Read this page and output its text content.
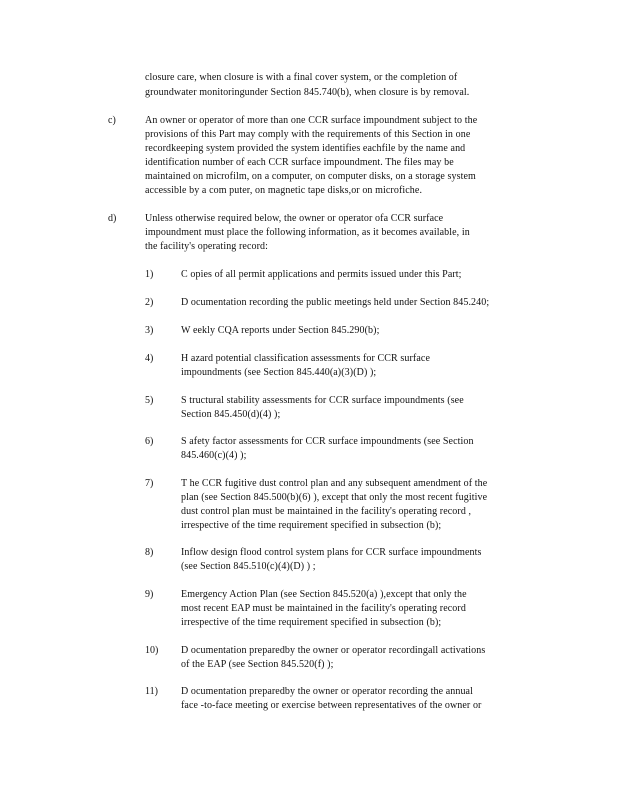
closure care, when closure is with a final cover system, or the completion of
groundwater monitoringunder Section 845.740(b), when closure is by removal.
c)	An owner or operator of more than one CCR surface impoundment subject to the
provisions of this Part may comply with the requirements of this Section in one
recordkeeping system provided the system identifies eachfile by the name and
identification number of each CCR surface impoundment. The files may be
maintained on microfilm, on a computer, on computer disks, on a storage system
accessible by a com puter, on magnetic tape disks,or on microfiche.
d)	Unless otherwise required below, the owner or operator ofa CCR surface
impoundment must place the following information, as it becomes available, in
the facility's operating record:
1)	C opies of all permit applications and permits issued under this Part;
2)	D ocumentation recording the public meetings held under Section 845.240;
3)	W eekly CQA reports under Section 845.290(b);
4)	H azard potential classification assessments for CCR surface
impoundments (see Section 845.440(a)(3)(D) );
5)	S tructural stability assessments for CCR surface impoundments (see
Section 845.450(d)(4) );
6)	S afety factor assessments for CCR surface impoundments (see Section
845.460(c)(4) );
7)	T he CCR fugitive dust control plan and any subsequent amendment of the
plan (see Section 845.500(b)(6) ), except that only the most recent fugitive
dust control plan must be maintained in the facility's operating record ,
irrespective of the time requirement specified in subsection (b);
8)	Inflow design flood control system plans for CCR surface impoundments
(see Section 845.510(c)(4)(D) ) ;
9)	Emergency Action Plan (see Section 845.520(a) ),except that only the
most recent EAP must be maintained in the facility's operating record
irrespective of the time requirement specified in subsection (b);
10) D ocumentation preparedby the owner or operator recordingall activations
of the EAP (see Section 845.520(f) );
11) D ocumentation preparedby the owner or operator recording the annual
face -to-face meeting or exercise between representatives of the owner or
